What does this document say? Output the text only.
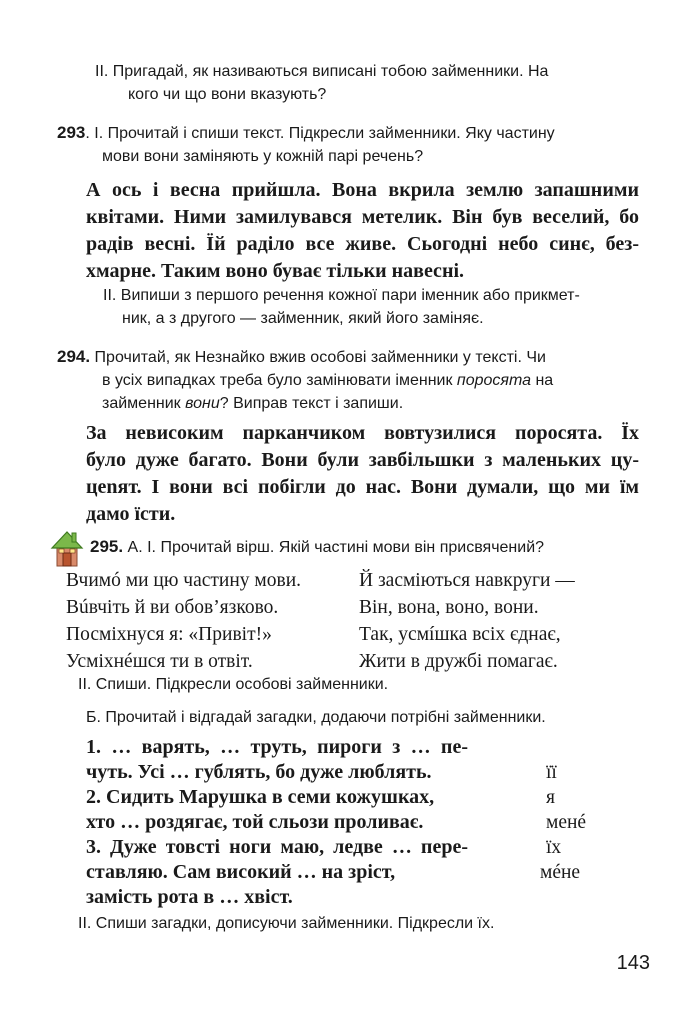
II. Пригадай, як називаються виписані тобою займенники. На
кого чи що вони вказують?
293. І. Прочитай і спиши текст. Підкресли займенники. Яку частину
мови вони заміняють у кожній парі речень?
А ось і весна прийшла. Вона вкрила землю запашними
квітами. Ними замилувався метелик. Він був веселий, бо
радів весні. Їй раділо все живе. Сьогодні небо синє, без-
хмарне. Таким воно буває тільки навесні.
II. Випиши з першого речення кожної пари іменник або прикмет-
ник, а з другого — займенник, який його заміняє.
294. Прочитай, як Незнайко вжив особові займенники у тексті. Чи
в усіх випадках треба було замінювати іменник поросята на
займенник вони? Виправ текст і запиши.
За невисоким парканчиком вовтузилися поросята. Їх
було дуже багато. Вони були завбільшки з маленьких цу-
цenят. І вони всі побігли до нас. Вони думали, що ми їм
дамо їсти.
295. А. І. Прочитай вірш. Якій частині мови він присвячений?
Вчимó ми цю частину мови.
Вúвчіть й ви обов’язково.
Посміхнуся я: «Привіт!»
Усміхнéшся ти в отвіт.
Й засміються навкруги —
Він, вона, воно, вони.
Так, усмíшка всіх єднає,
Жити в дружбі помагає.
II. Спиши. Підкресли особові займенники.
Б. Прочитай і відгадай загадки, додаючи потрібні займенники.
1. … варять, … труть, пироги з … пе-
чуть. Усі … гублять, бо дуже люблять.
2. Сидить Марушка в семи кожушках,
хто … роздягає, той сльози проливає.
3. Дуже товсті ноги маю, ледве … пере-
ставляю. Сам високий … на зріст,
замість рота в … хвіст.
її
я
менé
їх
мéне
II. Спиши загадки, дописуючи займенники. Підкресли їх.
143
